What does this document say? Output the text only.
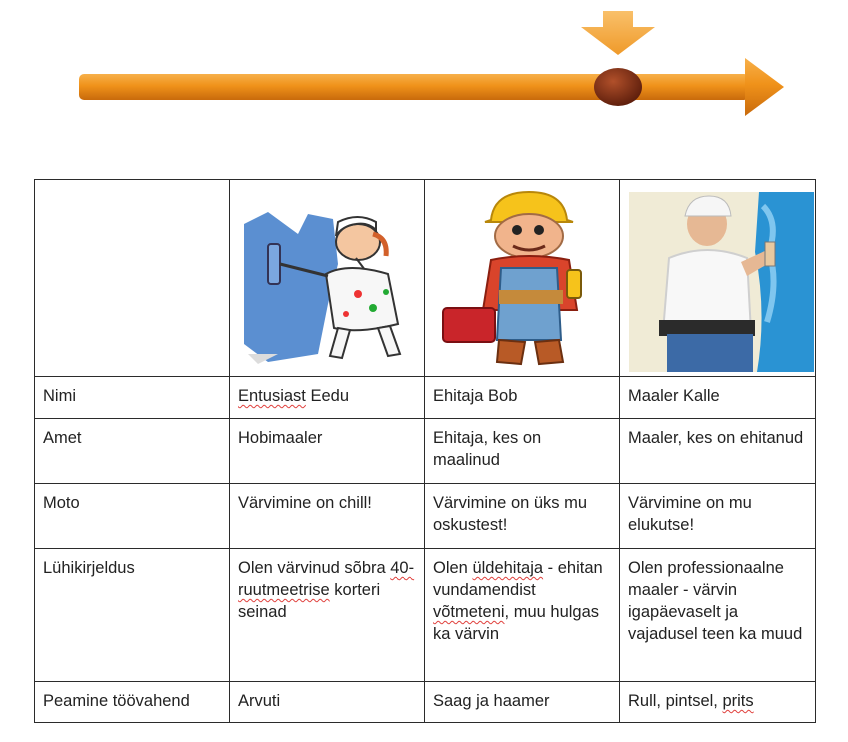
Nimi	Entusiast Eedu	Ehitaja Bob	Maaler Kalle
Amet	Hobimaaler	Ehitaja, kes on maalinud	Maaler, kes on ehitanud
Moto	Värvimine on chill!	Värvimine on üks mu oskustest!	Värvimine on mu elukutse!
Lühikirjeldus	Olen värvinud sõbra 40-ruutmeetrise korteri seinad	Olen üldehitaja - ehitan vundamendist võtmeteni, muu hulgas ka värvin	Olen professionaalne maaler - värvin igapäevaselt ja vajadusel teen ka muud
Peamine töövahend	Arvuti	Saag ja haamer	Rull, pintsel, prits
